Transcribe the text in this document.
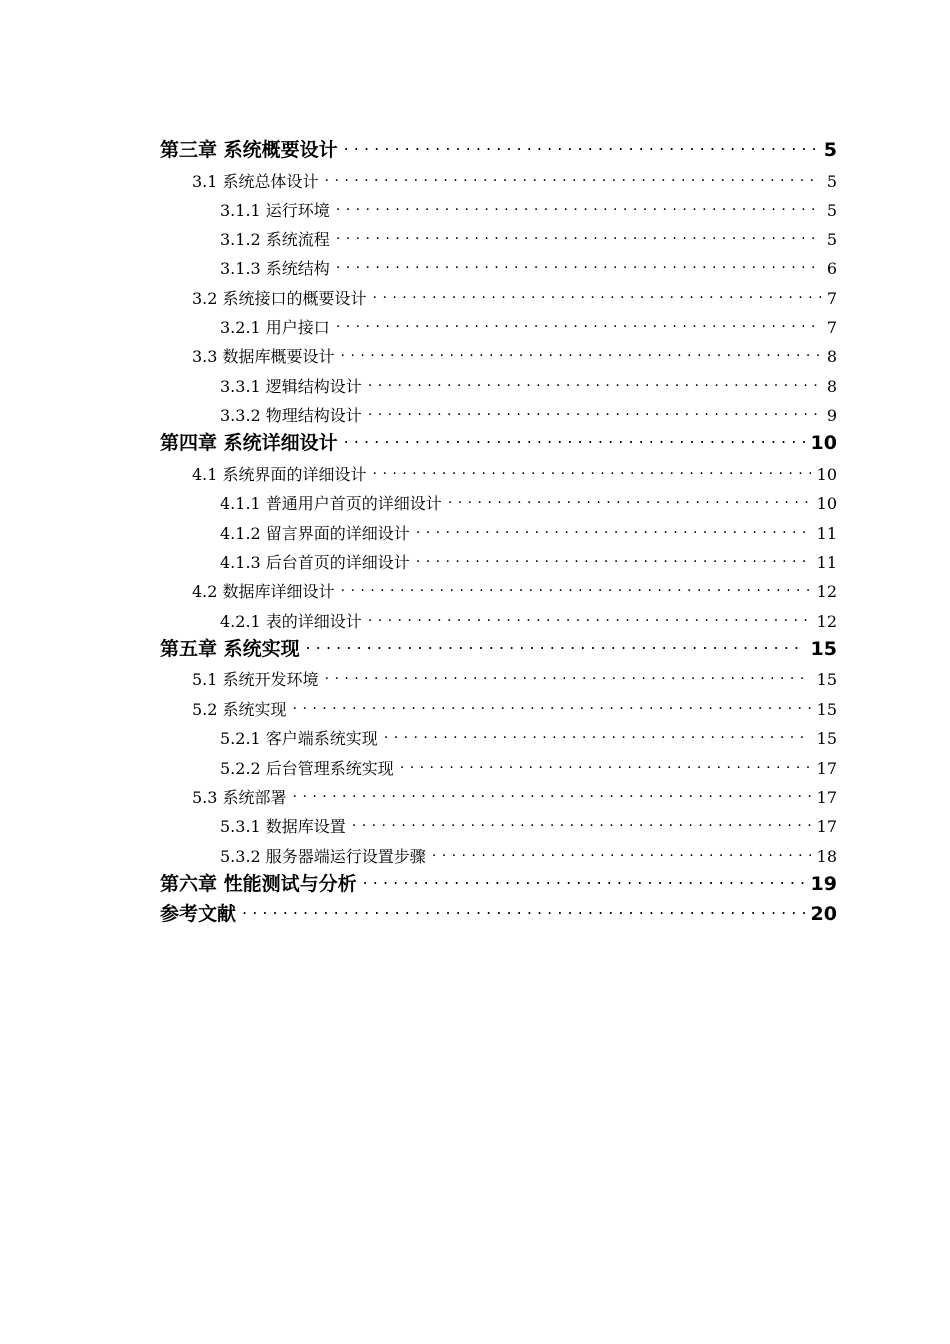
第三章 系统概要设计 . . .	5
3.1 系统总体设计 . . .	5
3.1.1 运行环境 . . .	5
3.1.2 系统流程 . . .	5
3.1.3 系统结构 . . .	6
3.2 系统接口的概要设计 . . .	7
3.2.1 用户接口 . . .	7
3.3 数据库概要设计 . . .	8
3.3.1 逻辑结构设计 . . .	8
3.3.2 物理结构设计 . . .	9
第四章 系统详细设计 . . .	10
4.1 系统界面的详细设计 . . .	10
4.1.1 普通用户首页的详细设计 . . .	10
4.1.2 留言界面的详细设计 . . .	11
4.1.3 后台首页的详细设计 . . .	11
4.2 数据库详细设计 . . .	12
4.2.1 表的详细设计 . . .	12
第五章 系统实现 . . .	15
5.1 系统开发环境 . . .	15
5.2 系统实现 . . .	15
5.2.1 客户端系统实现 . . .	15
5.2.2 后台管理系统实现 . . .	17
5.3 系统部署 . . .	17
5.3.1 数据库设置 . . .	17
5.3.2 服务器端运行设置步骤 . . .	18
第六章 性能测试与分析 . . .	19
参考文献 . . .	20
